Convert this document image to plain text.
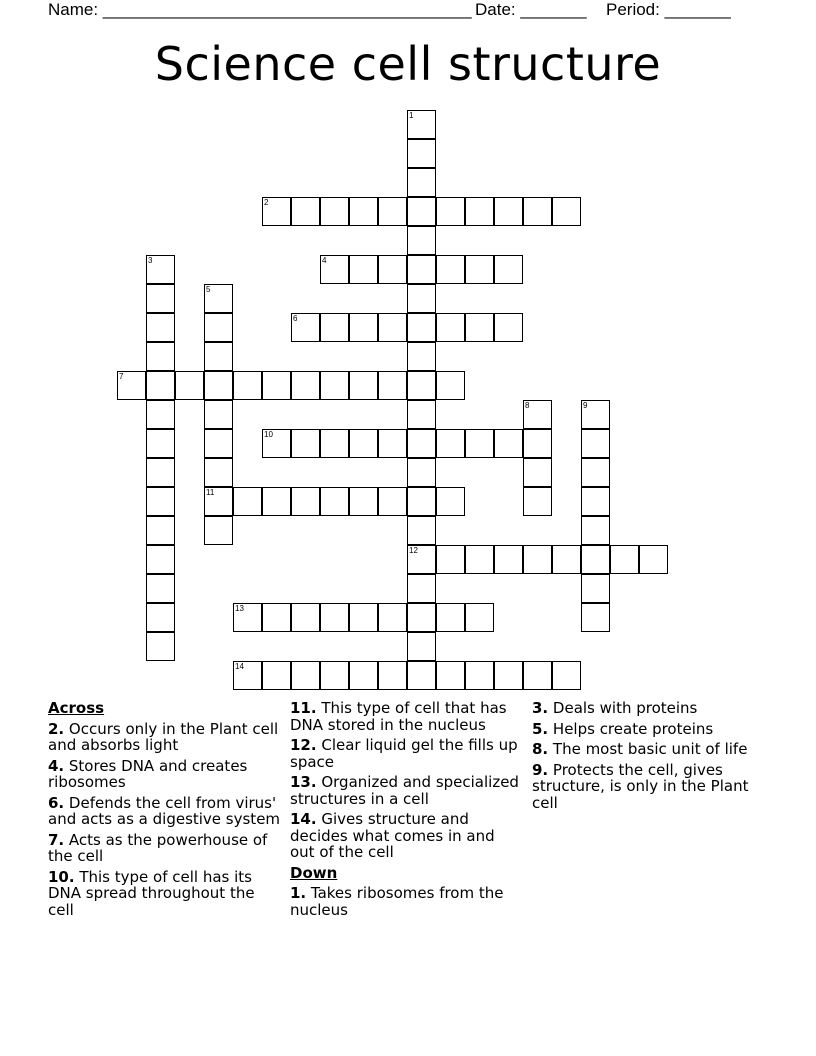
Name: _______________________________________ Date: _______ Period: _______
Science cell structure
1
12
2
3	4
5
11
6
7
8	9
10
13
14
Across
2. Occurs only in the Plant cell and absorbs light
4. Stores DNA and creates ribosomes
6. Defends the cell from virus' and acts as a digestive system
7. Acts as the powerhouse of the cell
10. This type of cell has its DNA spread throughout the cell
11. This type of cell that has DNA stored in the nucleus
12. Clear liquid gel the fills up space
13. Organized and specialized structures in a cell
14. Gives structure and decides what comes in and out of the cell
Down
1. Takes ribosomes from the nucleus
3. Deals with proteins
5. Helps create proteins
8. The most basic unit of life
9. Protects the cell, gives structure, is only in the Plant cell
